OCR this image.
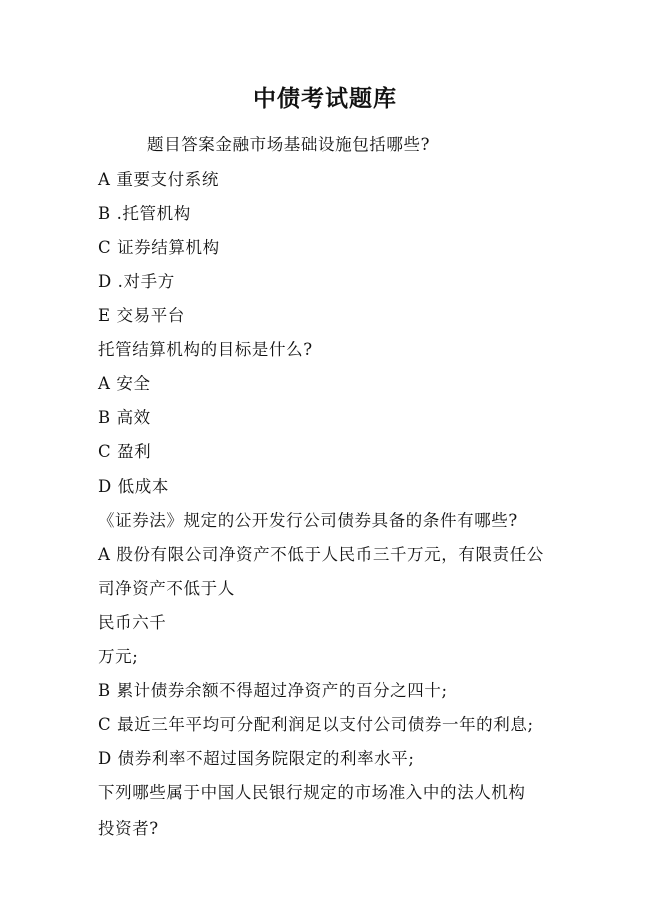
中债考试题库
题目答案金融市场基础设施包括哪些?
A 重要支付系统
B .托管机构
C 证券结算机构
D .对手方
E 交易平台
托管结算机构的目标是什么?
A 安全
B 高效
C 盈利
D 低成本
《证券法》规定的公开发行公司债券具备的条件有哪些?
A 股份有限公司净资产不低于人民币三千万元，有限责任公
司净资产不低于人
民币六千
万元;
B 累计债券余额不得超过净资产的百分之四十;
C 最近三年平均可分配利润足以支付公司债券一年的利息;
D 债券利率不超过国务院限定的利率水平;
下列哪些属于中国人民银行规定的市场准入中的法人机构
投资者?
